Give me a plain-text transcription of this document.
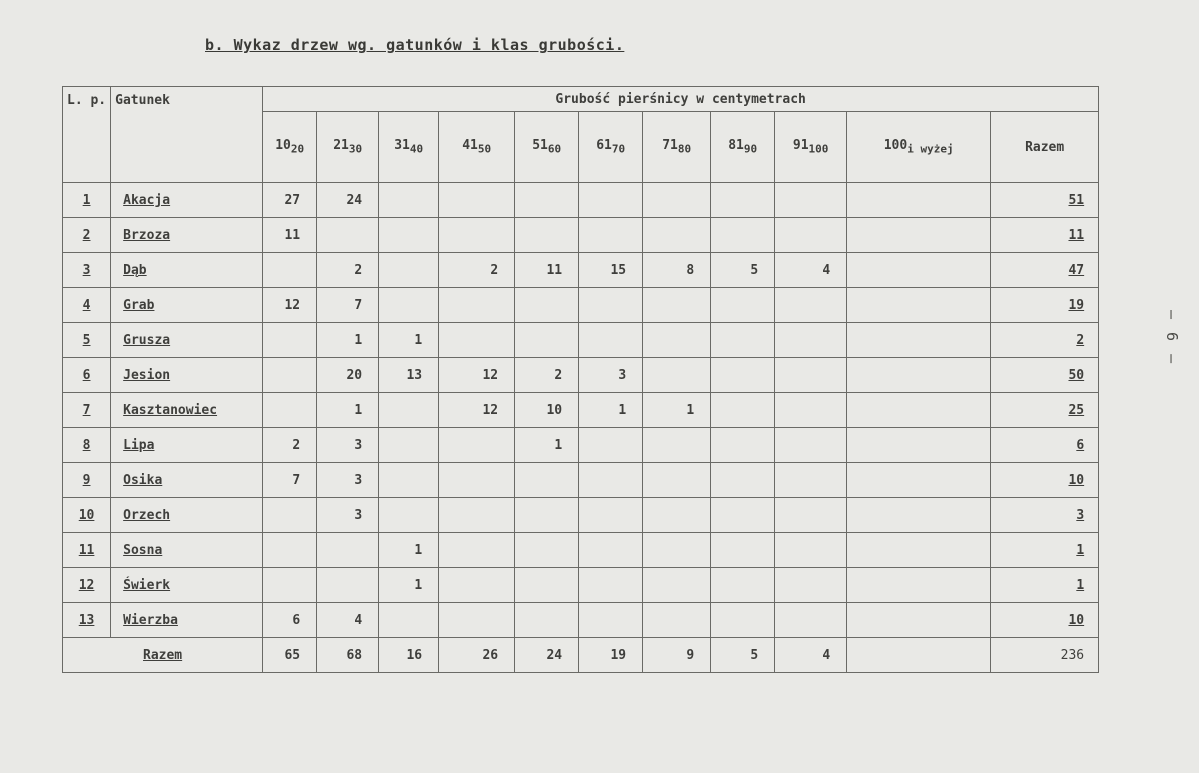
b. Wykaz drzew wg. gatunków i klas grubości.
L. p.	Gatunek	Grubość pierśnicy w centymetrach										
		$10_{20}$	$21_{30}$	$31_{40}$	$41_{50}$	$51_{60}$	$61_{70}$	$71_{80}$	$81_{90}$	$91_{100}$	$100_{i wyżej}$	Razem
1	Akacja	27	24									51
2	Brzoza	11										11
3	Dąb		2		2	11	15	8	5	4		47
4	Grab	12	7									19
5	Grusza		1	1								2
6	Jesion		20	13	12	2	3					50
7	Kasztanowiec		1		12	10	1	1				25
8	Lipa	2	3			1						6
9	Osika	7	3									10
10	Orzech		3									3
11	Sosna			1								1
12	Świerk			1								1
13	Wierzba	6	4									10
Razem		65	68	16	26	24	19	9	5	4		236
— 6 —
